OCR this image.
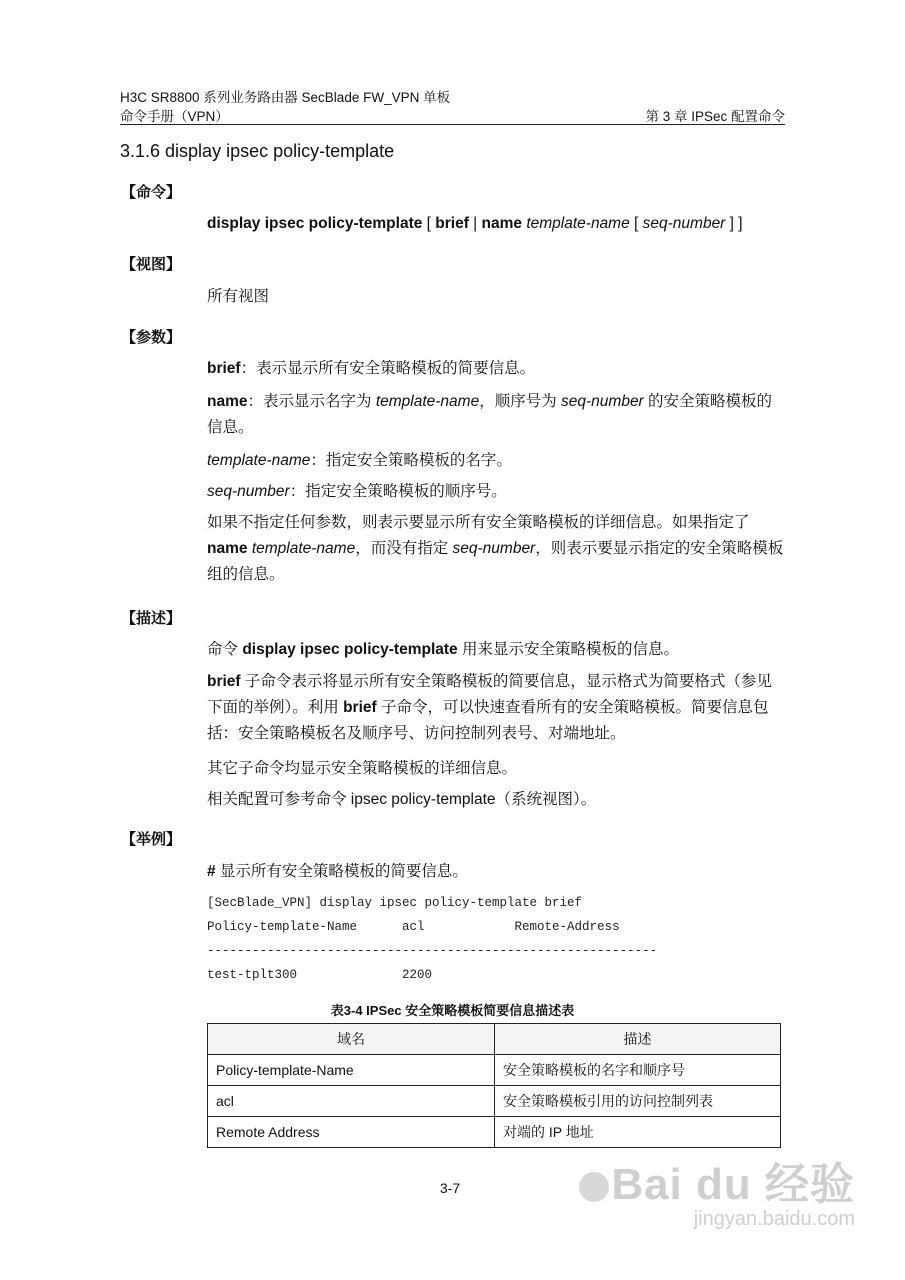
H3C SR8800 系列业务路由器 SecBlade FW_VPN 单板
命令手册（VPN）	第 3 章 IPSec 配置命令
3.1.6 display ipsec policy-template
【命令】
display ipsec policy-template [ brief | name template-name [ seq-number ] ]
【视图】
所有视图
【参数】
brief：表示显示所有安全策略模板的简要信息。
name：表示显示名字为 template-name，顺序号为 seq-number 的安全策略模板的信息。
template-name：指定安全策略模板的名字。
seq-number：指定安全策略模板的顺序号。
如果不指定任何参数，则表示要显示所有安全策略模板的详细信息。如果指定了 name template-name，而没有指定 seq-number，则表示要显示指定的安全策略模板组的信息。
【描述】
命令 display ipsec policy-template 用来显示安全策略模板的信息。
brief 子命令表示将显示所有安全策略模板的简要信息，显示格式为简要格式（参见下面的举例）。利用 brief 子命令，可以快速查看所有的安全策略模板。简要信息包括：安全策略模板名及顺序号、访问控制列表号、对端地址。
其它子命令均显示安全策略模板的详细信息。
相关配置可参考命令 ipsec policy-template（系统视图）。
【举例】
# 显示所有安全策略模板的简要信息。
[SecBlade_VPN] display ipsec policy-template brief
Policy-template-Name      acl            Remote-Address
------------------------------------------------------------
test-tplt300              2200
表3-4 IPSec 安全策略模板简要信息描述表
域名	描述
Policy-template-Name	安全策略模板的名字和顺序号
acl	安全策略模板引用的访问控制列表
Remote Address	对端的 IP 地址
3-7	Bai du 经验
jingyan.baidu.com
